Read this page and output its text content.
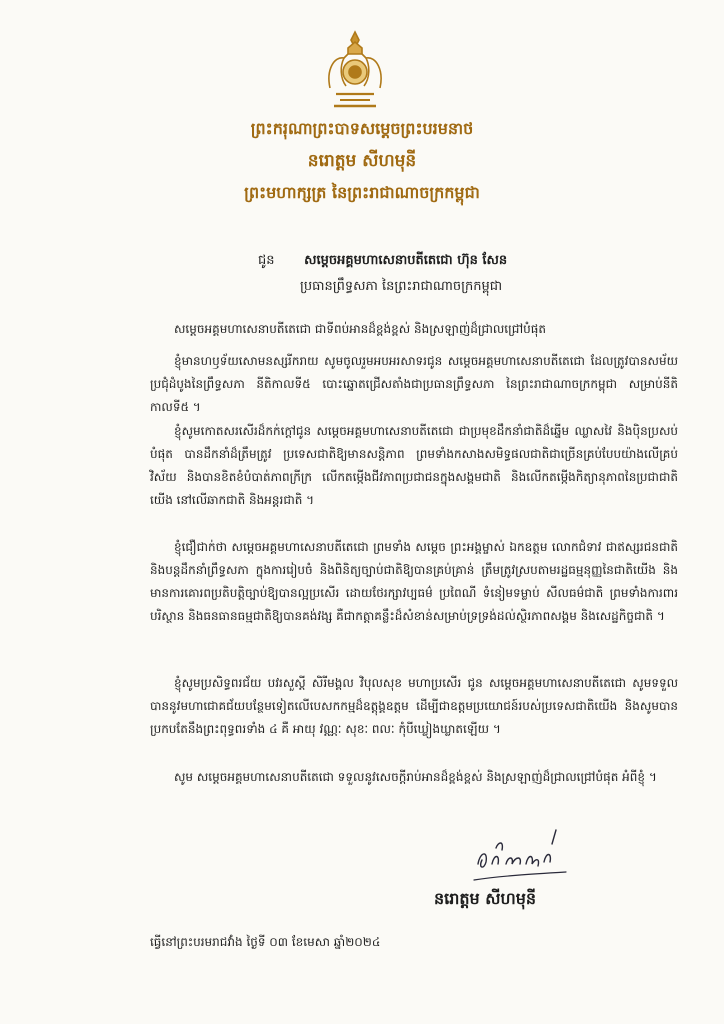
ព្រះករុណាព្រះបាទសម្ដេចព្រះបរមនាថ
នរោត្តម សីហមុនី
ព្រះមហាក្សត្រ នៃព្រះរាជាណាចក្រកម្ពុជា
ជូន សម្ដេចអគ្គមហាសេនាបតីតេជោ ហ៊ុន សែន
ប្រធានព្រឹទ្ធសភា នៃព្រះរាជាណាចក្រកម្ពុជា

សម្ដេចអគ្គមហាសេនាបតីតេជោ ជាទីពប់អានដ៏ខ្ពង់ខ្ពស់ និងស្រឡាញ់ដ៏ជ្រាលជ្រៅបំផុត

ខ្ញុំមានហឫទ័យសោមនស្សរីករាយ សូមចូលរួមអបអរសាទរជូន សម្ដេចអគ្គមហាសេនាបតីតេជោ ដែលត្រូវបានសម័យប្រជុំដំបូងនៃព្រឹទ្ធសភា នីតិកាលទី៥ បោះឆ្នោតជ្រើសតាំងជាប្រធានព្រឹទ្ធសភា នៃព្រះរាជាណាចក្រកម្ពុជា សម្រាប់នីតិកាលទី៥ ។

ខ្ញុំសូមកោតសរសើរដ៏កក់ក្ដៅជូន សម្ដេចអគ្គមហាសេនាបតីតេជោ ជាប្រមុខដឹកនាំជាតិដ៏ឆ្នើម ឈ្លាសវៃ និងប៉ិនប្រសប់បំផុត បានដឹកនាំដ៏ត្រឹមត្រូវ ប្រទេសជាតិឱ្យមានសន្តិភាព ព្រមទាំងកសាងសមិទ្ធផលជាតិជាច្រើនគ្រប់បែបយ៉ាងលើគ្រប់វិស័យ និងបានខិតខំបំបាត់ភាពក្រីក្រ លើកតម្កើងជីវភាពប្រជាជនក្នុងសង្គមជាតិ និងលើកតម្កើងកិត្យានុភាពនៃប្រជាជាតិយើង នៅលើឆាកជាតិ និងអន្តរជាតិ ។

ខ្ញុំជឿជាក់ថា សម្ដេចអគ្គមហាសេនាបតីតេជោ ព្រមទាំង សម្ដេច ព្រះអង្គម្ចាស់ ឯកឧត្តម លោកជំទាវ ជាឥស្សរជនជាតិ និងបន្តដឹកនាំព្រឹទ្ធសភា ក្នុងការរៀបចំ និងពិនិត្យច្បាប់ជាតិឱ្យបានគ្រប់គ្រាន់ ត្រឹមត្រូវស្របតាមរដ្ឋធម្មនុញ្ញនៃជាតិយើង និងមានការគោរពប្រតិបត្តិច្បាប់ឱ្យបានល្អប្រសើរ ដោយថែរក្សាវប្បធម៌ ប្រពៃណី ទំនៀមទម្លាប់ សីលធម៌ជាតិ ព្រមទាំងការពារបរិស្ថាន និងធនធានធម្មជាតិឱ្យបានគង់វង្ស គឺជាកត្តាគន្លឹះដ៏សំខាន់សម្រាប់ទ្រទ្រង់ដល់ស្ថិរភាពសង្គម និងសេដ្ឋកិច្ចជាតិ ។

ខ្ញុំសូមប្រសិទ្ធពរជ័យ បវរសួស្ដី សិរីមង្គល វិបុលសុខ មហាប្រសើរ ជូន សម្ដេចអគ្គមហាសេនាបតីតេជោ សូមទទួលបាននូវមហាជោគជ័យបន្ថែមទៀតលើបេសកកម្មដ៏ឧត្តុង្គឧត្តម ដើម្បីជាឧត្តមប្រយោជន៍របស់ប្រទេសជាតិយើង និងសូមបានប្រកបតែនឹងព្រះពុទ្ធពរទាំង ៤ គឺ អាយុ វណ្ណៈ សុខៈ ពលៈ កុំបីឃ្លៀងឃ្លាតឡើយ ។

សូម សម្ដេចអគ្គមហាសេនាបតីតេជោ ទទួលនូវសេចក្ដីរាប់អានដ៏ខ្ពង់ខ្ពស់ និងស្រឡាញ់ដ៏ជ្រាលជ្រៅបំផុត អំពីខ្ញុំ ។

នរោត្តម សីហមុនី
ធ្វើនៅព្រះបរមរាជវាំង ថ្ងៃទី ០៣ ខែមេសា ឆ្នាំ២០២៤
